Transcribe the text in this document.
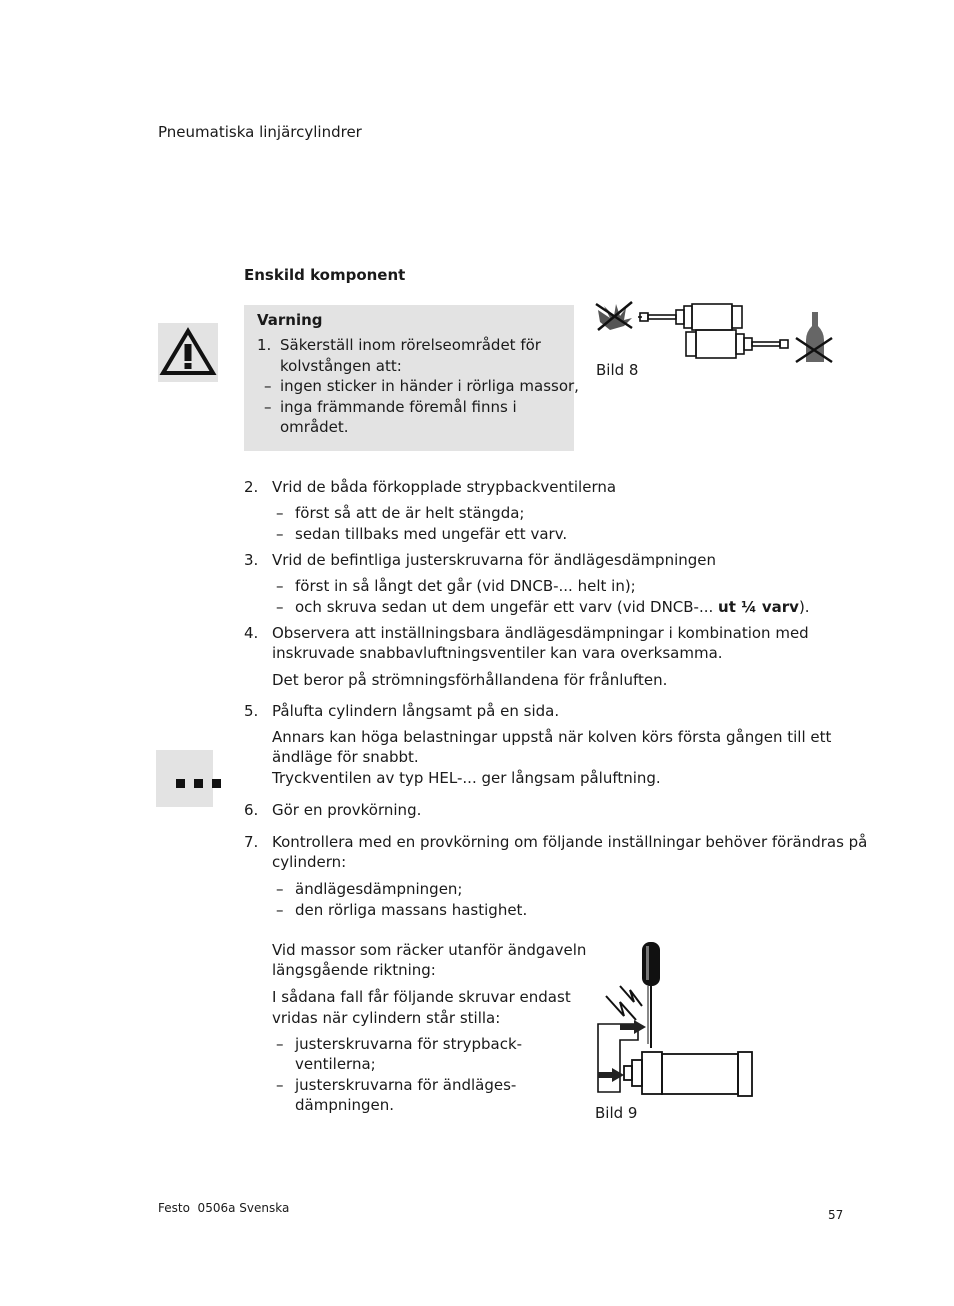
Pneumatiska linjärcylindrer
Enskild komponent
Varning
1. Säkerställ inom rörelseområdet för
kolvstången att:
– ingen sticker in händer i rörliga massor,
– inga främmande föremål finns i
området.
Bild 8
2. Vrid de båda förkopplade strypbackventilerna
– först så att de är helt stängda;
– sedan tillbaks med ungefär ett varv.
3. Vrid de befintliga justerskruvarna för ändlägesdämpningen
– först in så långt det går (vid DNCB-... helt in);
– och skruva sedan ut dem ungefär ett varv (vid DNCB-... ut ¼ varv).
4. Observera att inställningsbara ändlägesdämpningar i kombination med
inskruvade snabbavluftningsventiler kan vara overksamma.
Det beror på strömningsförhållandena för frånluften.
5. Pålufta cylindern långsamt på en sida.
Annars kan höga belastningar uppstå när kolven körs första gången till ett
ändläge för snabbt.
Tryckventilen av typ HEL-... ger långsam påluftning.
6. Gör en provkörning.
7. Kontrollera med en provkörning om följande inställningar behöver förändras på
cylindern:
– ändlägesdämpningen;
– den rörliga massans hastighet.
Vid massor som räcker utanför ändgaveln
längsgående riktning:
I sådana fall får följande skruvar endast
vridas när cylindern står stilla:
– justerskruvarna för strypback-
ventilerna;
– justerskruvarna för ändläges-
dämpningen.	Bild 9
Festo  0506a Svenska	57
